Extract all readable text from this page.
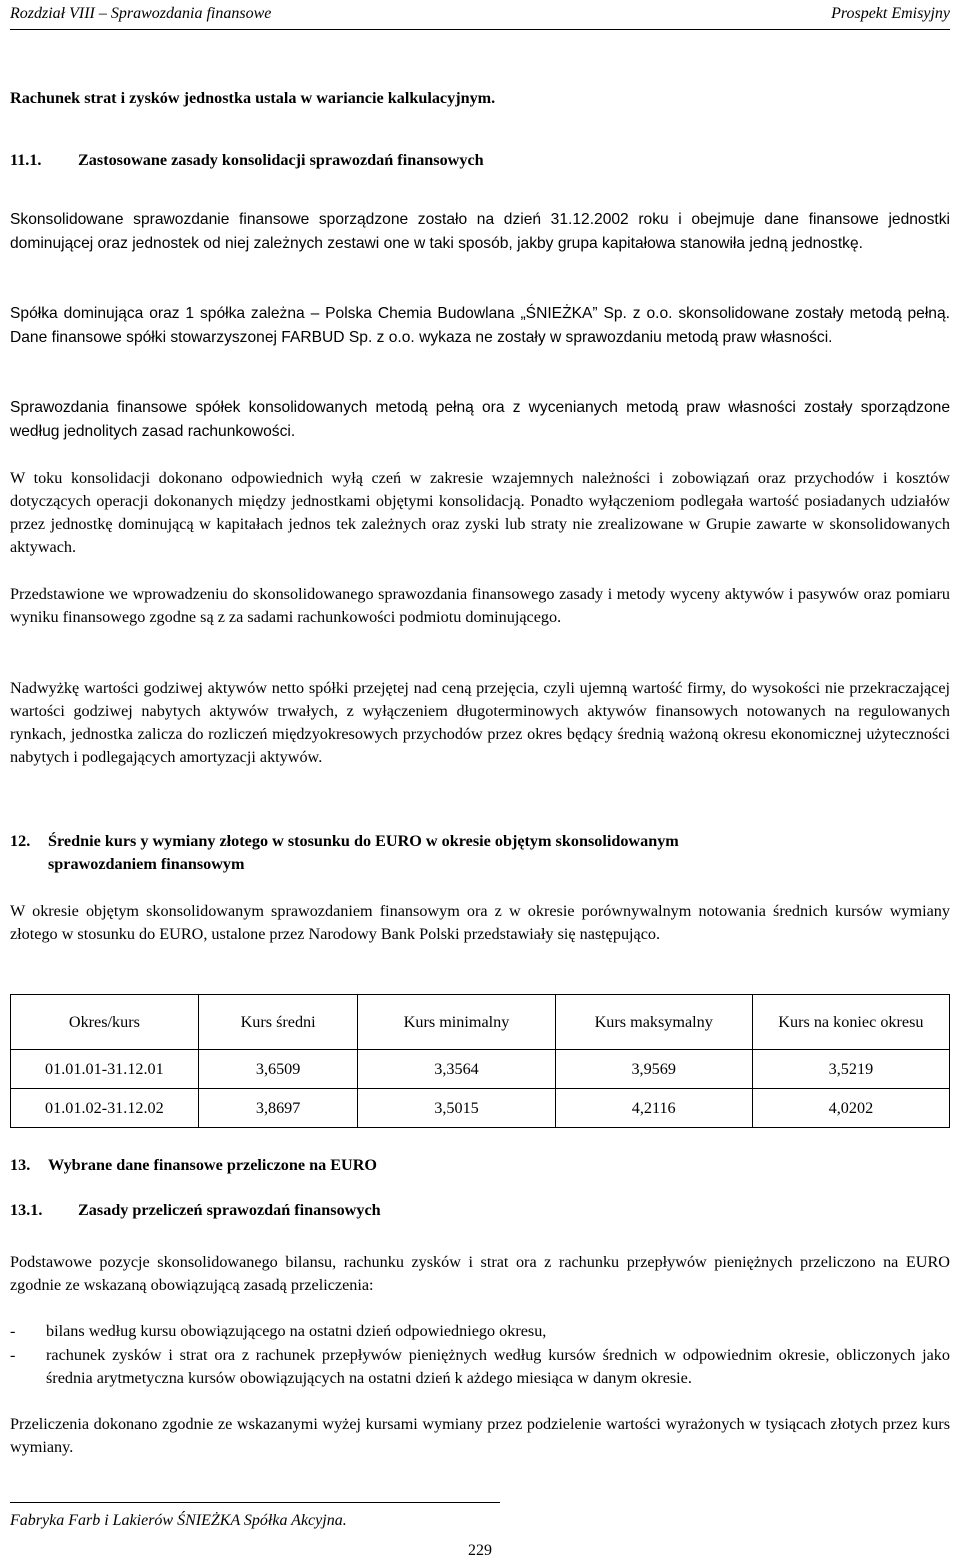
Rozdział VIII – Sprawozdania finansowe	Prospekt Emisyjny
Rachunek strat i zysków jednostka ustala w wariancie kalkulacyjnym.
11.1. Zastosowane zasady konsolidacji sprawozdań finansowych
Skonsolidowane sprawozdanie finansowe sporządzone zostało na dzień 31.12.2002 roku i obejmuje dane finansowe jednostki dominującej oraz jednostek od niej zależnych zestawi one w taki sposób, jakby grupa kapitałowa stanowiła jedną jednostkę.
Spółka dominująca oraz 1 spółka zależna – Polska Chemia Budowlana „ŚNIEŻKA” Sp. z o.o. skonsolidowane zostały metodą pełną. Dane finansowe spółki stowarzyszonej FARBUD Sp. z o.o. wykaza ne zostały w sprawozdaniu metodą praw własności.
Sprawozdania finansowe spółek konsolidowanych metodą pełną ora z wycenianych metodą praw własności zostały sporządzone według jednolitych zasad rachunkowości.
W toku konsolidacji dokonano odpowiednich wyłą czeń w zakresie wzajemnych należności i zobowiązań oraz przychodów i kosztów dotyczących operacji dokonanych między jednostkami objętymi konsolidacją. Ponadto wyłączeniom podlegała wartość posiadanych udziałów przez jednostkę dominującą w kapitałach jednos tek zależnych oraz zyski lub straty nie zrealizowane w Grupie zawarte w skonsolidowanych aktywach.
Przedstawione we wprowadzeniu do skonsolidowanego sprawozdania finansowego zasady i metody wyceny aktywów i pasywów oraz pomiaru wyniku finansowego zgodne są z za sadami rachunkowości podmiotu dominującego.
Nadwyżkę wartości godziwej aktywów netto spółki przejętej nad ceną przejęcia, czyli ujemną wartość firmy, do wysokości nie przekraczającej wartości godziwej nabytych aktywów trwałych, z wyłączeniem długoterminowych aktywów finansowych notowanych na regulowanych rynkach, jednostka zalicza do rozliczeń międzyokresowych przychodów przez okres będący średnią ważoną okresu ekonomicznej użyteczności nabytych i podlegających amortyzacji aktywów.
12. Średnie kurs y wymiany złotego w stosunku do EURO w okresie objętym skonsolidowanym
sprawozdaniem finansowym
W okresie objętym skonsolidowanym sprawozdaniem finansowym ora z w okresie porównywalnym notowania średnich kursów wymiany złotego w stosunku do EURO, ustalone przez Narodowy Bank Polski przedstawiały się następująco.
Okres/kurs	Kurs średni	Kurs minimalny	Kurs maksymalny	Kurs na koniec okresu
01.01.01-31.12.01	3,6509	3,3564	3,9569	3,5219
01.01.02-31.12.02	3,8697	3,5015	4,2116	4,0202
13. Wybrane dane finansowe przeliczone na EURO
13.1. Zasady przeliczeń sprawozdań finansowych
Podstawowe pozycje skonsolidowanego bilansu, rachunku zysków i strat ora z rachunku przepływów pieniężnych przeliczono na EURO zgodnie ze wskazaną obowiązującą zasadą przeliczenia:
- bilans według kursu obowiązującego na ostatni dzień odpowiedniego okresu,
- rachunek zysków i strat ora z rachunek przepływów pieniężnych według kursów średnich w odpowiednim okresie, obliczonych jako średnia arytmetyczna kursów obowiązujących na ostatni dzień k ażdego miesiąca w danym okresie.
Przeliczenia dokonano zgodnie ze wskazanymi wyżej kursami wymiany przez podzielenie wartości wyrażonych w tysiącach złotych przez kurs wymiany.
Fabryka Farb i Lakierów ŚNIEŻKA Spółka Akcyjna.
229
